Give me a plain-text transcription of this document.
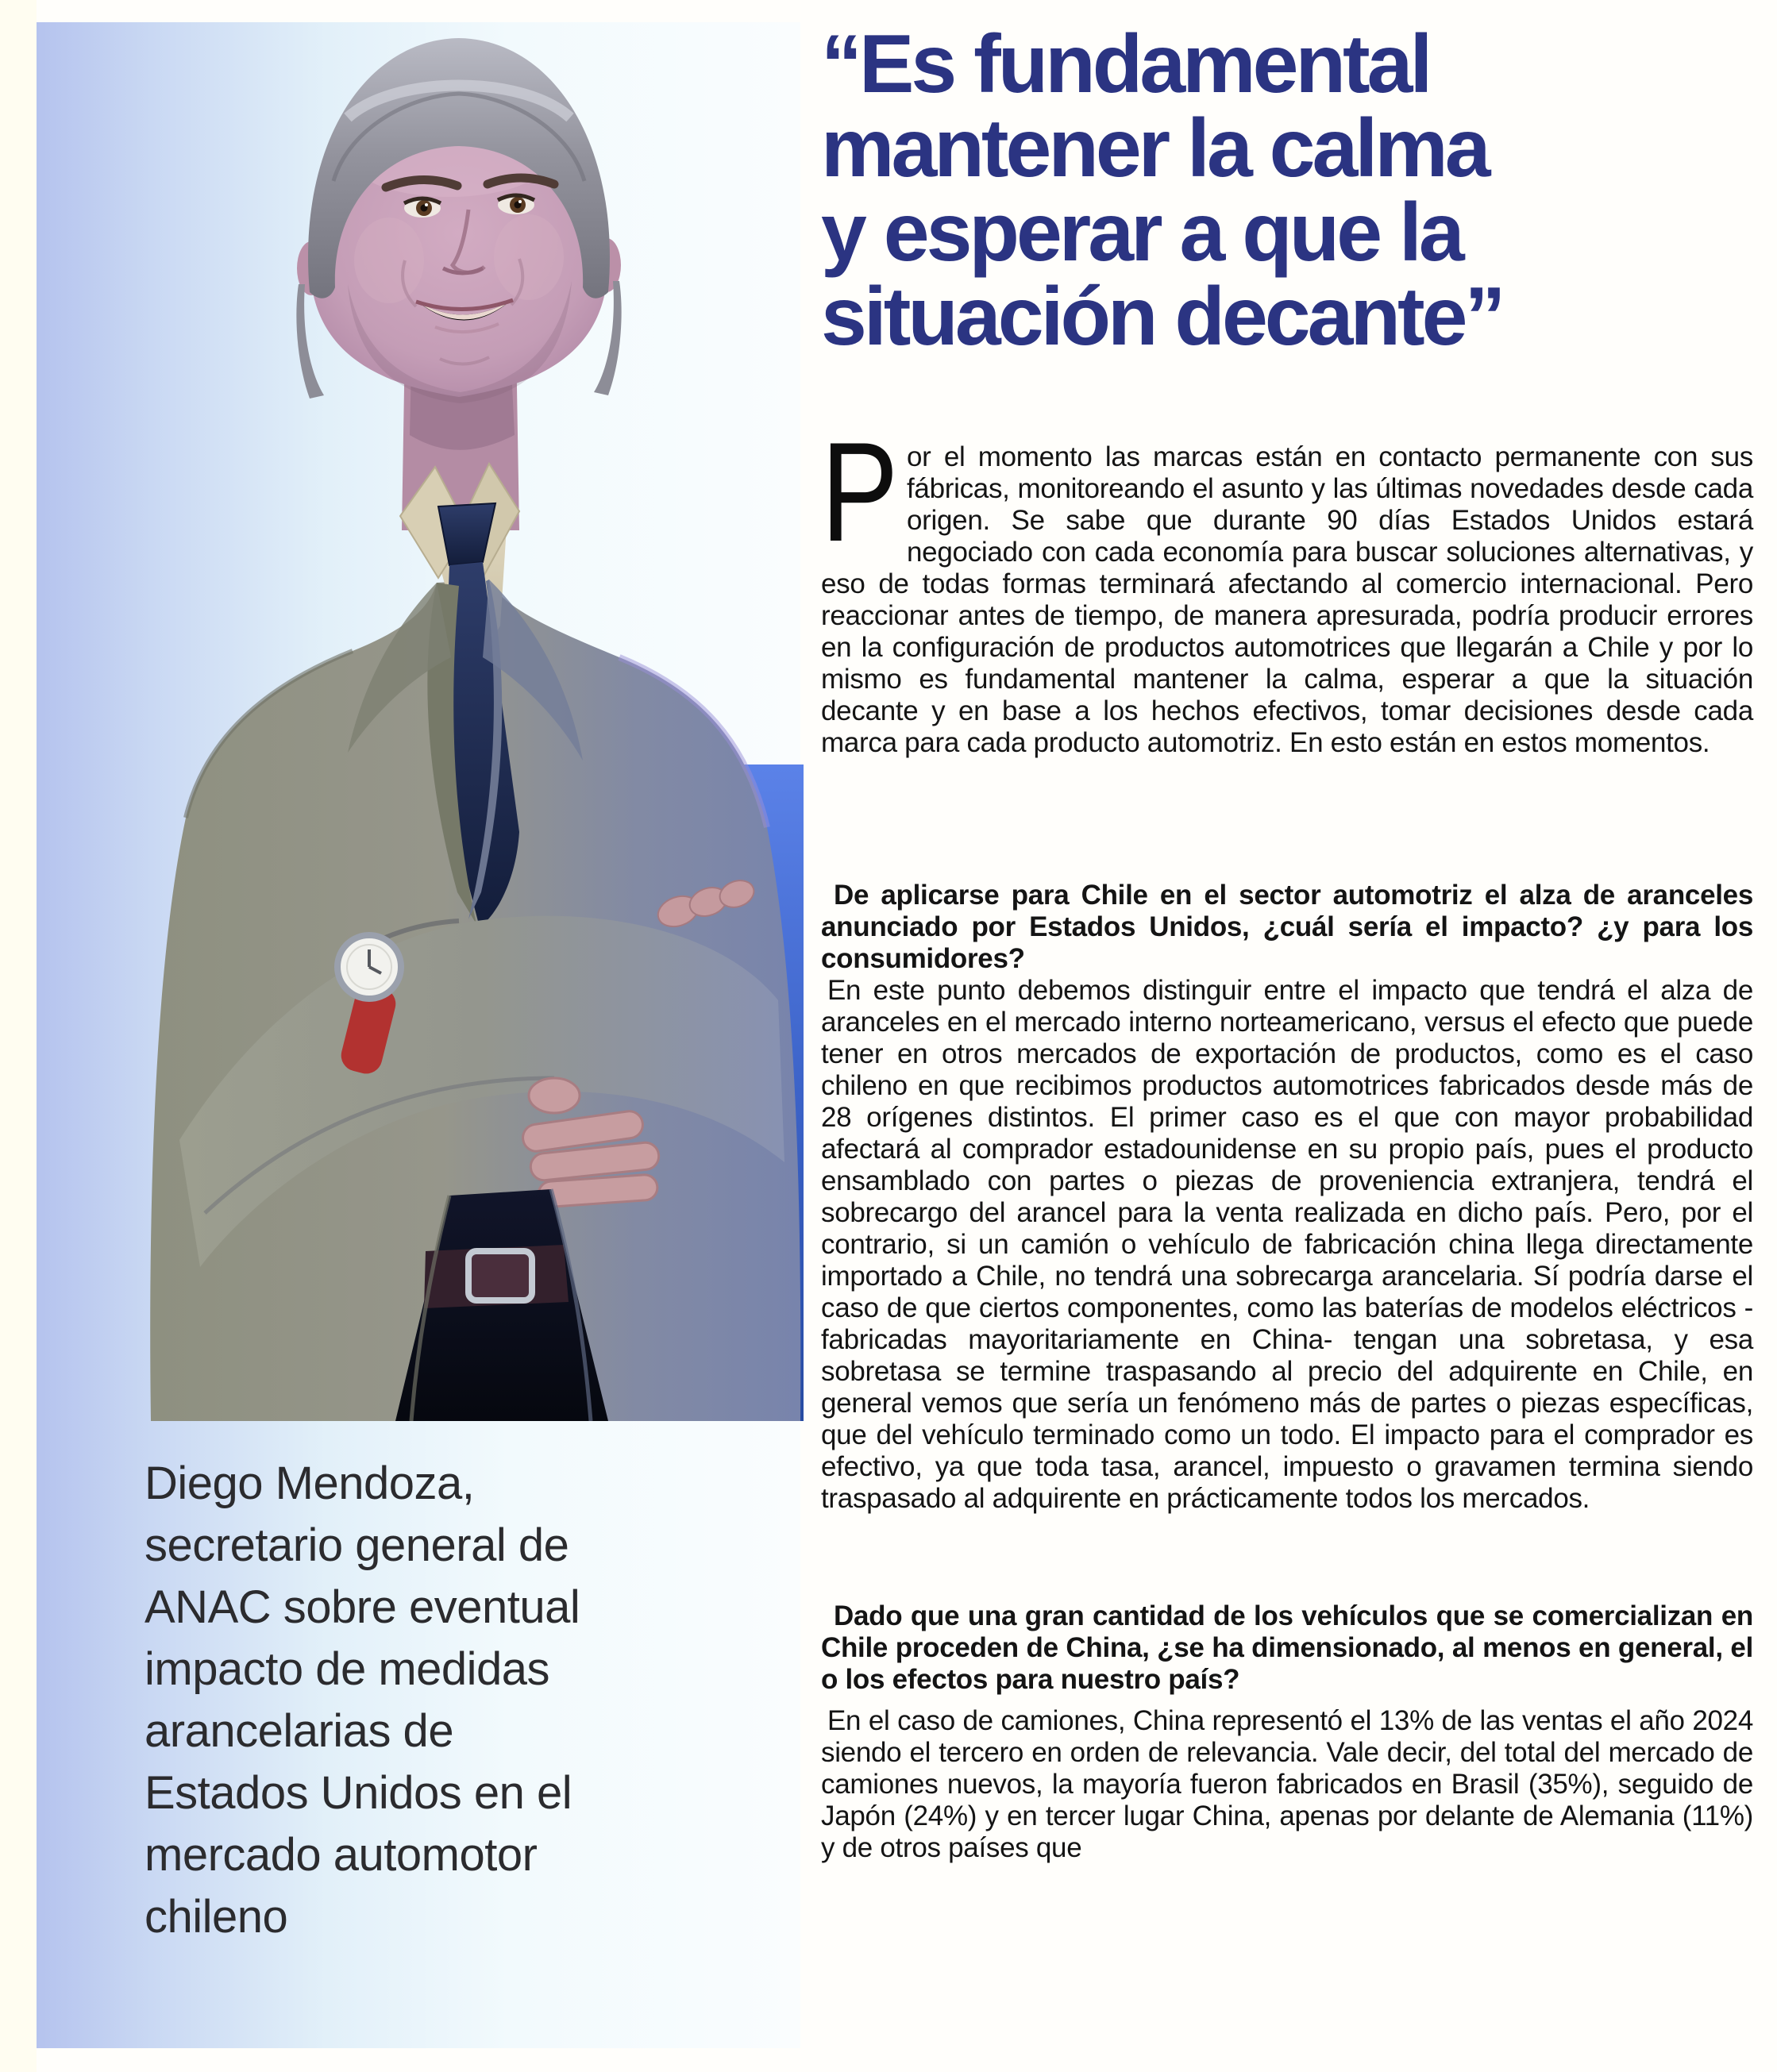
Diego Mendoza,
secretario general de
ANAC sobre eventual
impacto de medidas
arancelarias de
Estados Unidos en el
mercado automotor
chileno
“Es fundamental
mantener la calma
y esperar a que la
situación decante”

Por el momento las marcas están en contacto permanente con sus fábricas, monitoreando el asunto y las últimas novedades desde cada origen. Se sabe que durante 90 días Estados Unidos estará negociado con cada economía para buscar soluciones alternativas, y eso de todas formas terminará afectando al comercio internacional. Pero reaccionar antes de tiempo, de manera apresurada, podría producir errores en la configuración de productos automotrices que llegarán a Chile y por lo mismo es fundamental mantener la calma, esperar a que la situación decante y en base a los hechos efectivos, tomar decisiones desde cada marca para cada producto automotriz. En esto están en estos momentos.

De aplicarse para Chile en el sector automotriz el alza de aranceles anunciado por Estados Unidos, ¿cuál sería el impacto? ¿y para los consumidores?

En este punto debemos distinguir entre el impacto que tendrá el alza de aranceles en el mercado interno norteamericano, versus el efecto que puede tener en otros mercados de exportación de productos, como es el caso chileno en que recibimos productos automotrices fabricados desde más de 28 orígenes distintos. El primer caso es el que con mayor probabilidad afectará al comprador estadounidense en su propio país, pues el producto ensamblado con partes o piezas de proveniencia extranjera, tendrá el sobrecargo del arancel para la venta realizada en dicho país. Pero, por el contrario, si un camión o vehículo de fabricación china llega directamente importado a Chile, no tendrá una sobrecarga arancelaria. Sí podría darse el caso de que ciertos componentes, como las baterías de modelos eléctricos -fabricadas mayoritariamente en China- tengan una sobretasa, y esa sobretasa se termine traspasando al precio del adquirente en Chile, en general vemos que sería un fenómeno más de partes o piezas específicas, que del vehículo terminado como un todo. El impacto para el comprador es efectivo, ya que toda tasa, arancel, impuesto o gravamen termina siendo traspasado al adquirente en prácticamente todos los mercados.

Dado que una gran cantidad de los vehículos que se comercializan en Chile proceden de China, ¿se ha dimensionado, al menos en general, el o los efectos para nuestro país?

En el caso de camiones, China representó el 13% de las ventas el año 2024 siendo el tercero en orden de relevancia. Vale decir, del total del mercado de camiones nuevos, la mayoría fueron fabricados en Brasil (35%), seguido de Japón (24%) y en tercer lugar China, apenas por delante de Alemania (11%) y de otros países que
